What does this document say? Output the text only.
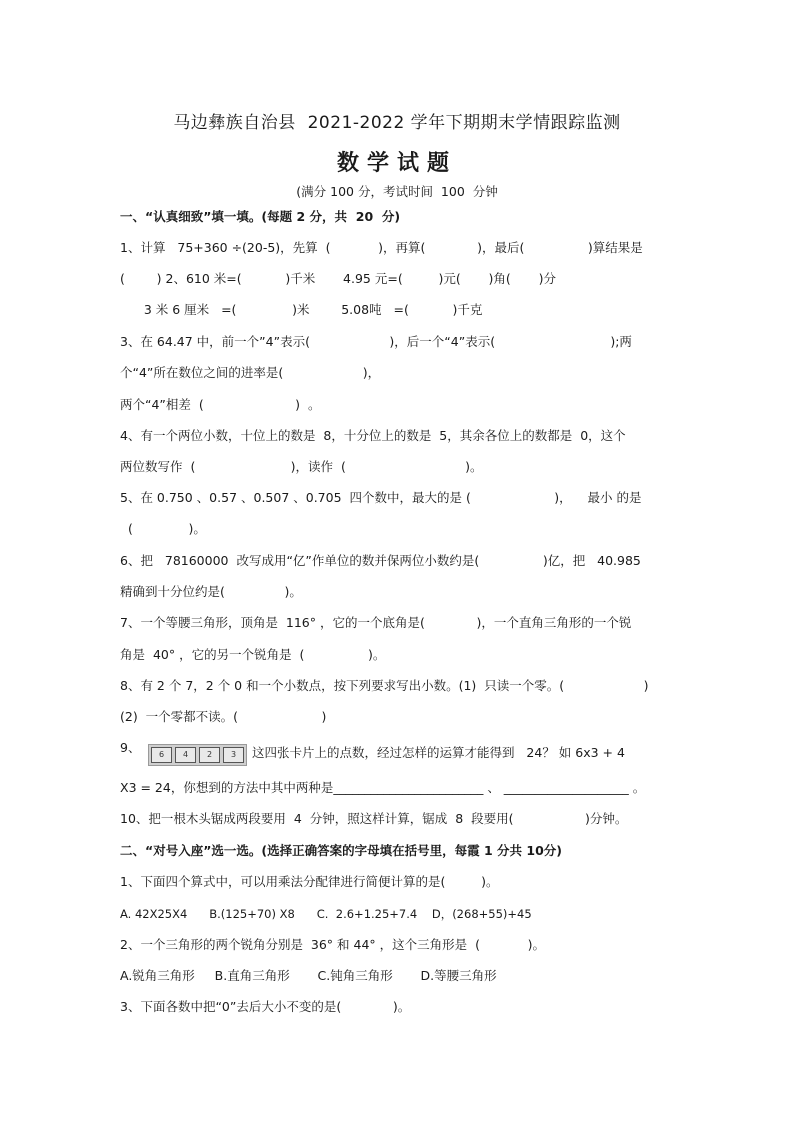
马边彝族自治县  2021-2022 学年下期期末学情跟踪监测
数学试题
(满分 100 分，考试时间  100  分钟
一、“认真细致”填一填。(每题 2 分，共  20  分)
1、计算   75+360 ÷(20-5)，先算  (            )，再算(             )，最后(                )算结果是
(        ) 2、610 米=(           )千米       4.95 元=(         )元(       )角(       )分
3 米 6 厘米   =(              )米        5.08吨   =(           )千克
3、在 64.47 中，前一个”4”表示(                    )，后一个“4”表示(                             );两
个“4”所在数位之间的进率是(                    )，
两个“4”相差  (                       )  。
4、有一个两位小数，十位上的数是  8，十分位上的数是  5，其余各位上的数都是  0，这个
两位数写作  (                        )，读作  (                              )。
5、在 0.750 、0.57 、0.507 、0.705  四个数中，最大的是 (                     )，    最小 的是
(              )。
6、把   78160000  改写成用“亿”作单位的数并保两位小数约是(                )亿，把   40.985
精确到十分位约是(               )。
7、一个等腰三角形，顶角是  116° ，它的一个底角是(             )，一个直角三角形的一个锐
角是  40° ，它的另一个锐角是  (                )。
8、有 2 个 7，2 个 0 和一个小数点，按下列要求写出小数。(1)  只读一个零。(                    )
(2)  一个零都不读。(                     )
9、	6	4	2	3	这四张卡片上的点数，经过怎样的运算才能得到   24？ 如 6x3 + 4
X3 = 24，你想到的方法中其中两种是________________________ 、 ____________________ 。
10、把一根木头锯成两段要用  4  分钟，照这样计算，锯成  8  段要用(                  )分钟。
二、“对号入座”选一选。(选择正确答案的字母填在括号里，每霞 1 分共 10分)
1、下面四个算式中，可以用乘法分配律进行简便计算的是(         )。
A. 42X25X4      B.(125+70) X8      C.  2.6+1.25+7.4    D，(268+55)+45
2、一个三角形的两个锐角分别是  36° 和 44° ，这个三角形是  (            )。
A.锐角三角形     B.直角三角形       C.钝角三角形       D.等腰三角形
3、下面各数中把“0”去后大小不变的是(             )。
